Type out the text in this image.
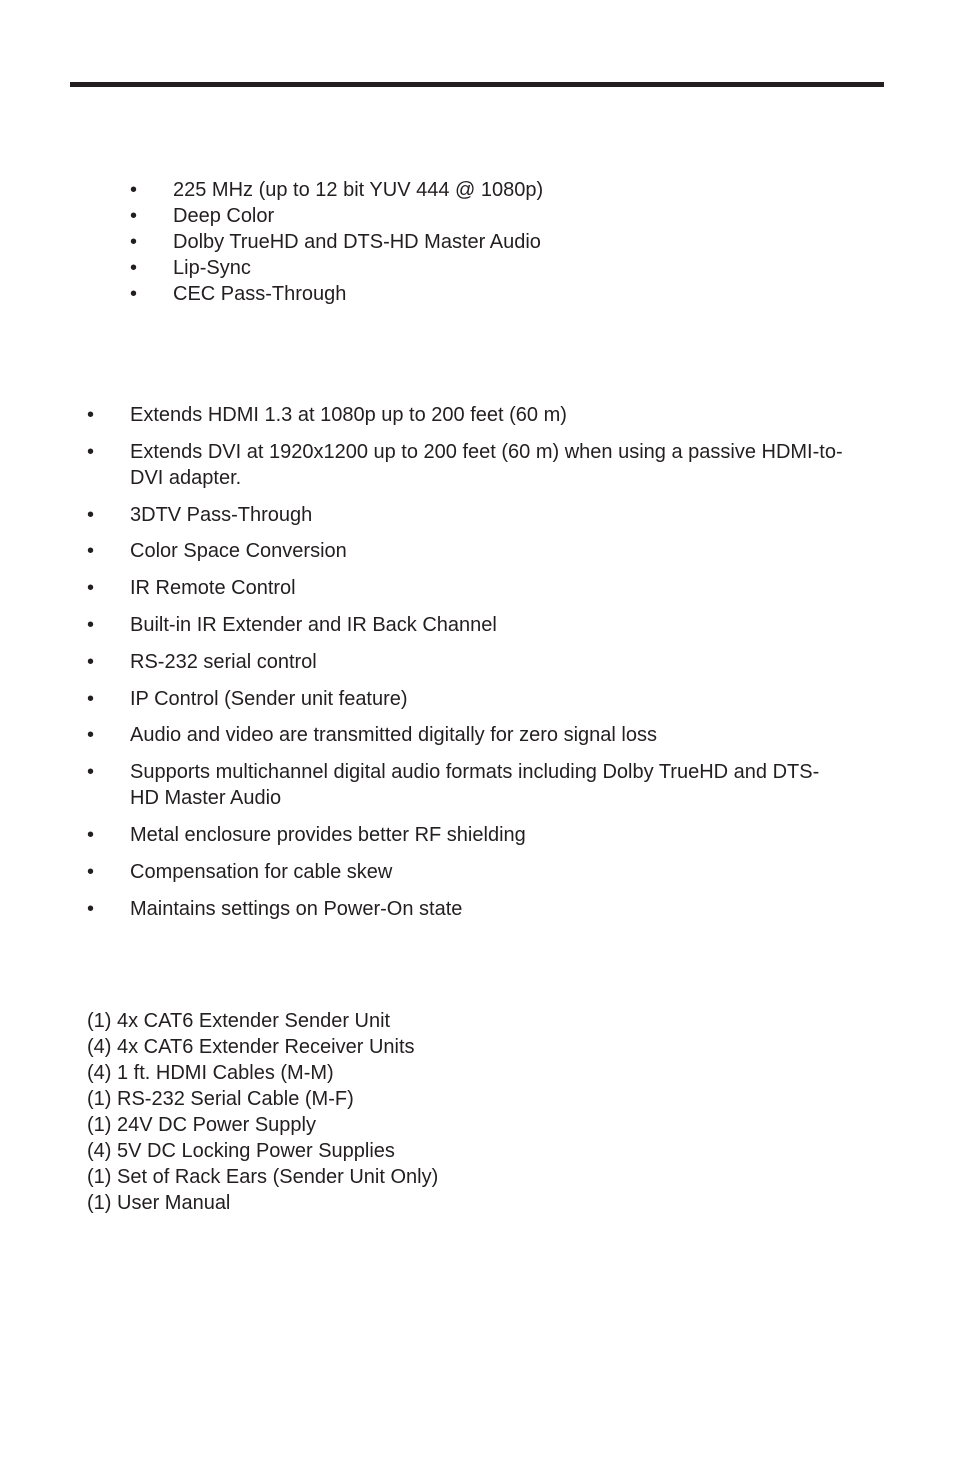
• 225 MHz (up to 12 bit YUV 444 @ 1080p)
• Deep Color
• Dolby TrueHD and DTS-HD Master Audio
• Lip-Sync
• CEC Pass-Through
• Extends HDMI 1.3 at 1080p up to 200 feet (60 m)
• Extends DVI at 1920x1200 up to 200 feet (60 m) when using a passive HDMI-to-DVI adapter.
• 3DTV Pass-Through
• Color Space Conversion
• IR Remote Control
• Built-in IR Extender and IR Back Channel
• RS-232 serial control
• IP Control (Sender unit feature)
• Audio and video are transmitted digitally for zero signal loss
• Supports multichannel digital audio formats including Dolby TrueHD and DTS-HD Master Audio
• Metal enclosure provides better RF shielding
• Compensation for cable skew
• Maintains settings on Power-On state
(1) 4x CAT6 Extender Sender Unit
(4) 4x CAT6 Extender Receiver Units
(4) 1 ft. HDMI Cables (M-M)
(1) RS-232 Serial Cable (M-F)
(1) 24V DC Power Supply
(4) 5V DC Locking Power Supplies
(1) Set of Rack Ears (Sender Unit Only)
(1) User Manual
